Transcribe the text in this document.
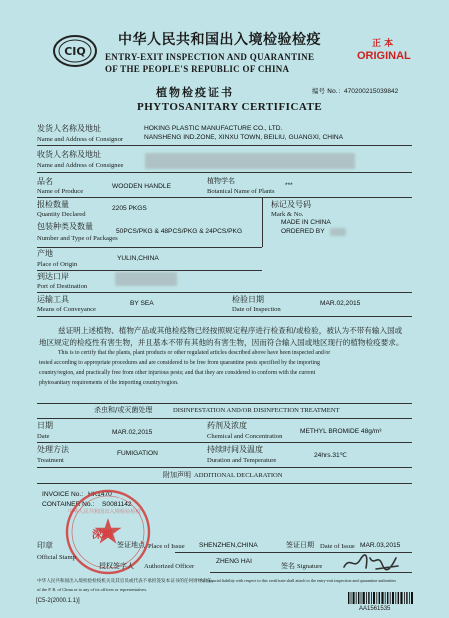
CIQ
中华人民共和国出入境检验检疫
ENTRY-EXIT INSPECTION AND QUARANTINE
OF THE PEOPLE'S REPUBLIC OF CHINA
正 本
ORIGINAL
植物检疫证书	编号 No.： 470200215039842
PHYTOSANITARY CERTIFICATE
发货人名称及地址
Name and Address of Consignor
HOKING PLASTIC MANUFACTURE CO., LTD.
NANSHENG IND.ZONE, XINXU TOWN, BEILIU, GUANGXI, CHINA
收货人名称及地址
Name and Address of Consignee
品名
Name of Produce
WOODEN HANDLE
植物学名
Botanical Name of Plants
***
报检数量
Quantity Declared
2205 PKGS
包装种类及数量
Number and Type of Packages
50PCS/PKG & 48PCS/PKG & 24PCS/PKG
标记及号码
Mark & No.
MADE IN CHINA
ORDERED BY
产地
Place of Origin
YULIN,CHINA
到达口岸
Port of Destination
运输工具
Means of Conveyance
BY SEA	检验日期
Date of Inspection
MAR.02,2015
兹证明上述植物、植物产品或其他检疫物已经按照规定程序进行检查和/或检验，被认为不带有输入国或
地区规定的检疫性有害生物，并且基本不带有其他的有害生物，因而符合输入国或地区现行的植物检疫要求。
This is to certify that the plants, plant products or other regulated articles described above have been inspected and/or
tested according to appropriate procedures and are considered to be free from quarantine pests specified by the importing
country/region, and practically free from other injurious pests; and that they are considered to conform with the current
phytosanitary requirements of the importing country/region.
杀虫和/或灭菌处理	DISINFESTATION AND/OR DISINFECTION TREATMENT
日期
Date
MAR.02,2015
药剂及浓度
Chemical and Concentration
METHYL BROMIDE 48g/m³
处理方法
Treatment
FUMIGATION	持续时间及温度
Duration and Temperature
24hrs.31℃
附加声明 ADDITIONAL DECLARATION
INVOICE No.: HK1470
CONTAINER No.: S0081142
中华人民共和国出入境检验检疫
深圳
印章	签证地点 Place of Issue SHENZHEN,CHINA	签证日期 Date of Issue MAR.03,2015
Official Stamp
授权签字人 Authorized Officer
ZHENG HAI
签名 Signature
中华人民共和国出入境检验检疫机关及其官员或代表不承担签发本证书的任何财经责任。
No financial liability with respect to this certificate shall attach to the entry-exit inspection and quarantine authorities
of the P. R. of China or to any of its officers or representatives.
[C5-2(2000.1.1)]
AA1561535
